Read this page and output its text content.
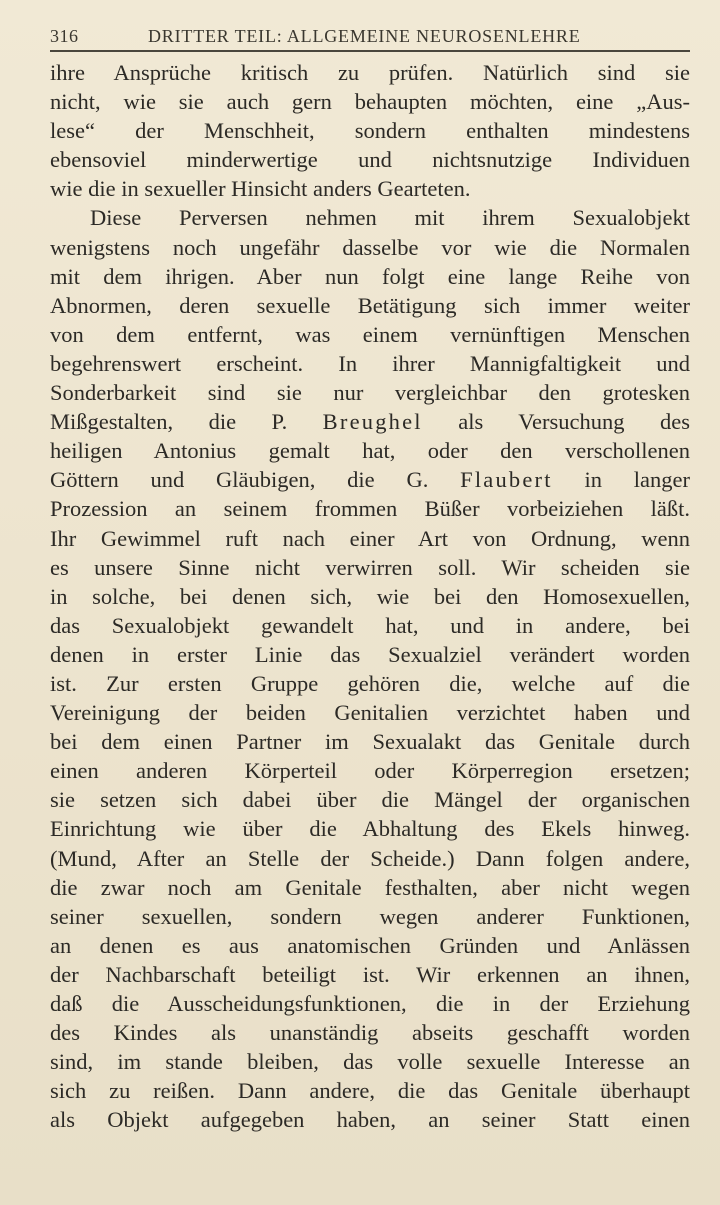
316	DRITTER TEIL: ALLGEMEINE NEUROSENLEHRE
ihre Ansprüche kritisch zu prüfen. Natürlich sind sie
nicht, wie sie auch gern behaupten möchten, eine „Aus-
lese“ der Menschheit, sondern enthalten mindestens
ebensoviel minderwertige und nichtsnutzige Individuen
wie die in sexueller Hinsicht anders Gearteten.
Diese Perversen nehmen mit ihrem Sexualobjekt
wenigstens noch ungefähr dasselbe vor wie die Normalen
mit dem ihrigen. Aber nun folgt eine lange Reihe von
Abnormen, deren sexuelle Betätigung sich immer weiter
von dem entfernt, was einem vernünftigen Menschen
begehrenswert erscheint. In ihrer Mannigfaltigkeit und
Sonderbarkeit sind sie nur vergleichbar den grotesken
Mißgestalten, die P. Breughel als Versuchung des
heiligen Antonius gemalt hat, oder den verschollenen
Göttern und Gläubigen, die G. Flaubert in langer
Prozession an seinem frommen Büßer vorbeiziehen läßt.
Ihr Gewimmel ruft nach einer Art von Ordnung, wenn
es unsere Sinne nicht verwirren soll. Wir scheiden sie
in solche, bei denen sich, wie bei den Homosexuellen,
das Sexualobjekt gewandelt hat, und in andere, bei
denen in erster Linie das Sexualziel verändert worden
ist. Zur ersten Gruppe gehören die, welche auf die
Vereinigung der beiden Genitalien verzichtet haben und
bei dem einen Partner im Sexualakt das Genitale durch
einen anderen Körperteil oder Körperregion ersetzen;
sie setzen sich dabei über die Mängel der organischen
Einrichtung wie über die Abhaltung des Ekels hinweg.
(Mund, After an Stelle der Scheide.) Dann folgen andere,
die zwar noch am Genitale festhalten, aber nicht wegen
seiner sexuellen, sondern wegen anderer Funktionen,
an denen es aus anatomischen Gründen und Anlässen
der Nachbarschaft beteiligt ist. Wir erkennen an ihnen,
daß die Ausscheidungsfunktionen, die in der Erziehung
des Kindes als unanständig abseits geschafft worden
sind, im stande bleiben, das volle sexuelle Interesse an
sich zu reißen. Dann andere, die das Genitale überhaupt
als Objekt aufgegeben haben, an seiner Statt einen
